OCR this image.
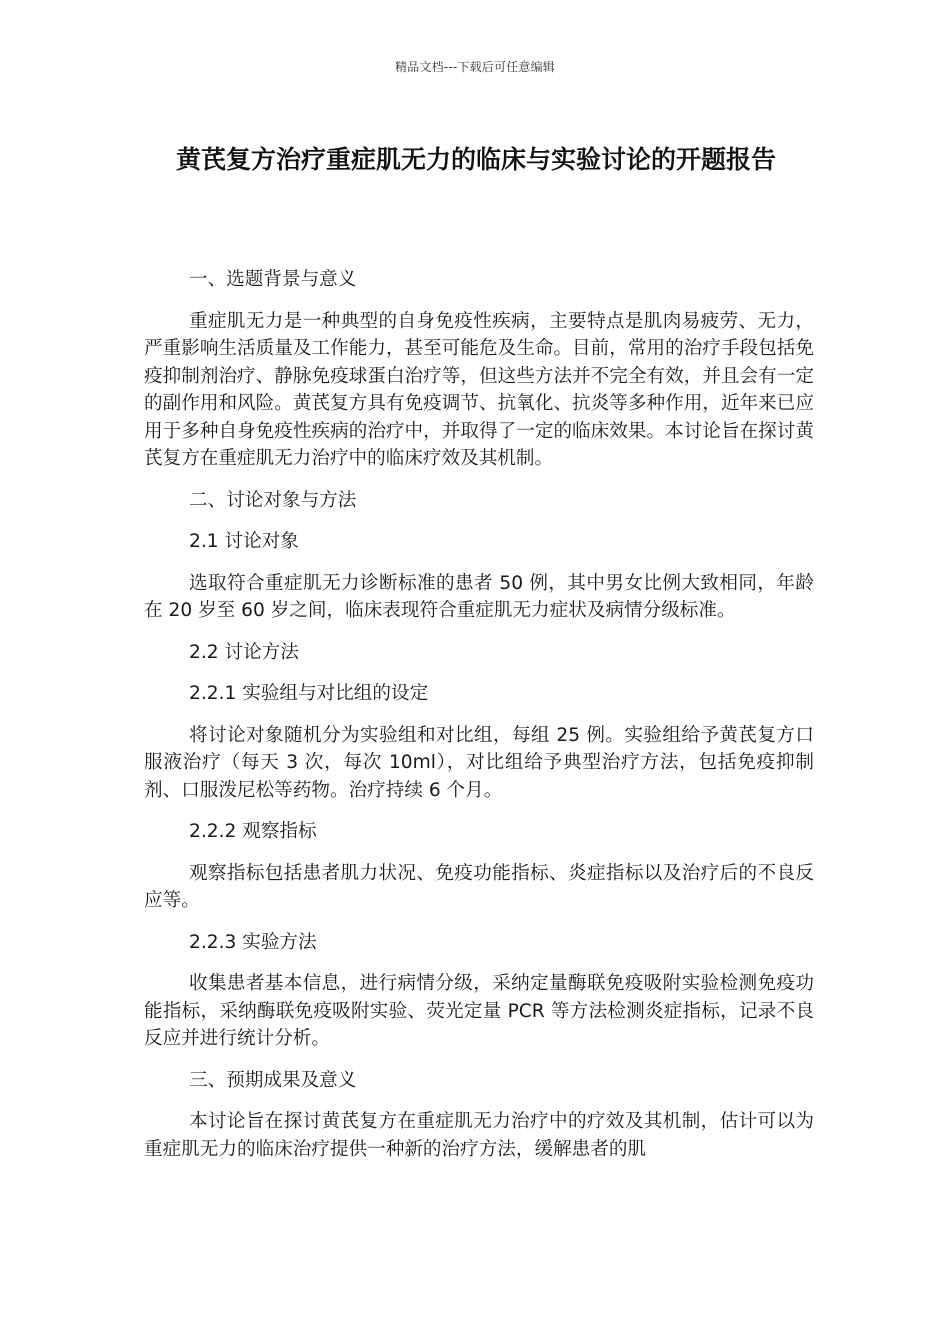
精品文档---下载后可任意编辑
黄芪复方治疗重症肌无力的临床与实验讨论的开题报告

一、选题背景与意义

重症肌无力是一种典型的自身免疫性疾病，主要特点是肌肉易疲劳、无力，严重影响生活质量及工作能力，甚至可能危及生命。目前，常用的治疗手段包括免疫抑制剂治疗、静脉免疫球蛋白治疗等，但这些方法并不完全有效，并且会有一定的副作用和风险。黄芪复方具有免疫调节、抗氧化、抗炎等多种作用，近年来已应用于多种自身免疫性疾病的治疗中，并取得了一定的临床效果。本讨论旨在探讨黄芪复方在重症肌无力治疗中的临床疗效及其机制。

二、讨论对象与方法

2.1 讨论对象

选取符合重症肌无力诊断标准的患者 50 例，其中男女比例大致相同，年龄在 20 岁至 60 岁之间，临床表现符合重症肌无力症状及病情分级标准。

2.2 讨论方法

2.2.1 实验组与对比组的设定

将讨论对象随机分为实验组和对比组，每组 25 例。实验组给予黄芪复方口服液治疗（每天 3 次，每次 10ml），对比组给予典型治疗方法，包括免疫抑制剂、口服泼尼松等药物。治疗持续 6 个月。

2.2.2 观察指标

观察指标包括患者肌力状况、免疫功能指标、炎症指标以及治疗后的不良反应等。

2.2.3 实验方法

收集患者基本信息，进行病情分级，采纳定量酶联免疫吸附实验检测免疫功能指标，采纳酶联免疫吸附实验、荧光定量 PCR 等方法检测炎症指标，记录不良反应并进行统计分析。

三、预期成果及意义

本讨论旨在探讨黄芪复方在重症肌无力治疗中的疗效及其机制，估计可以为重症肌无力的临床治疗提供一种新的治疗方法，缓解患者的肌
